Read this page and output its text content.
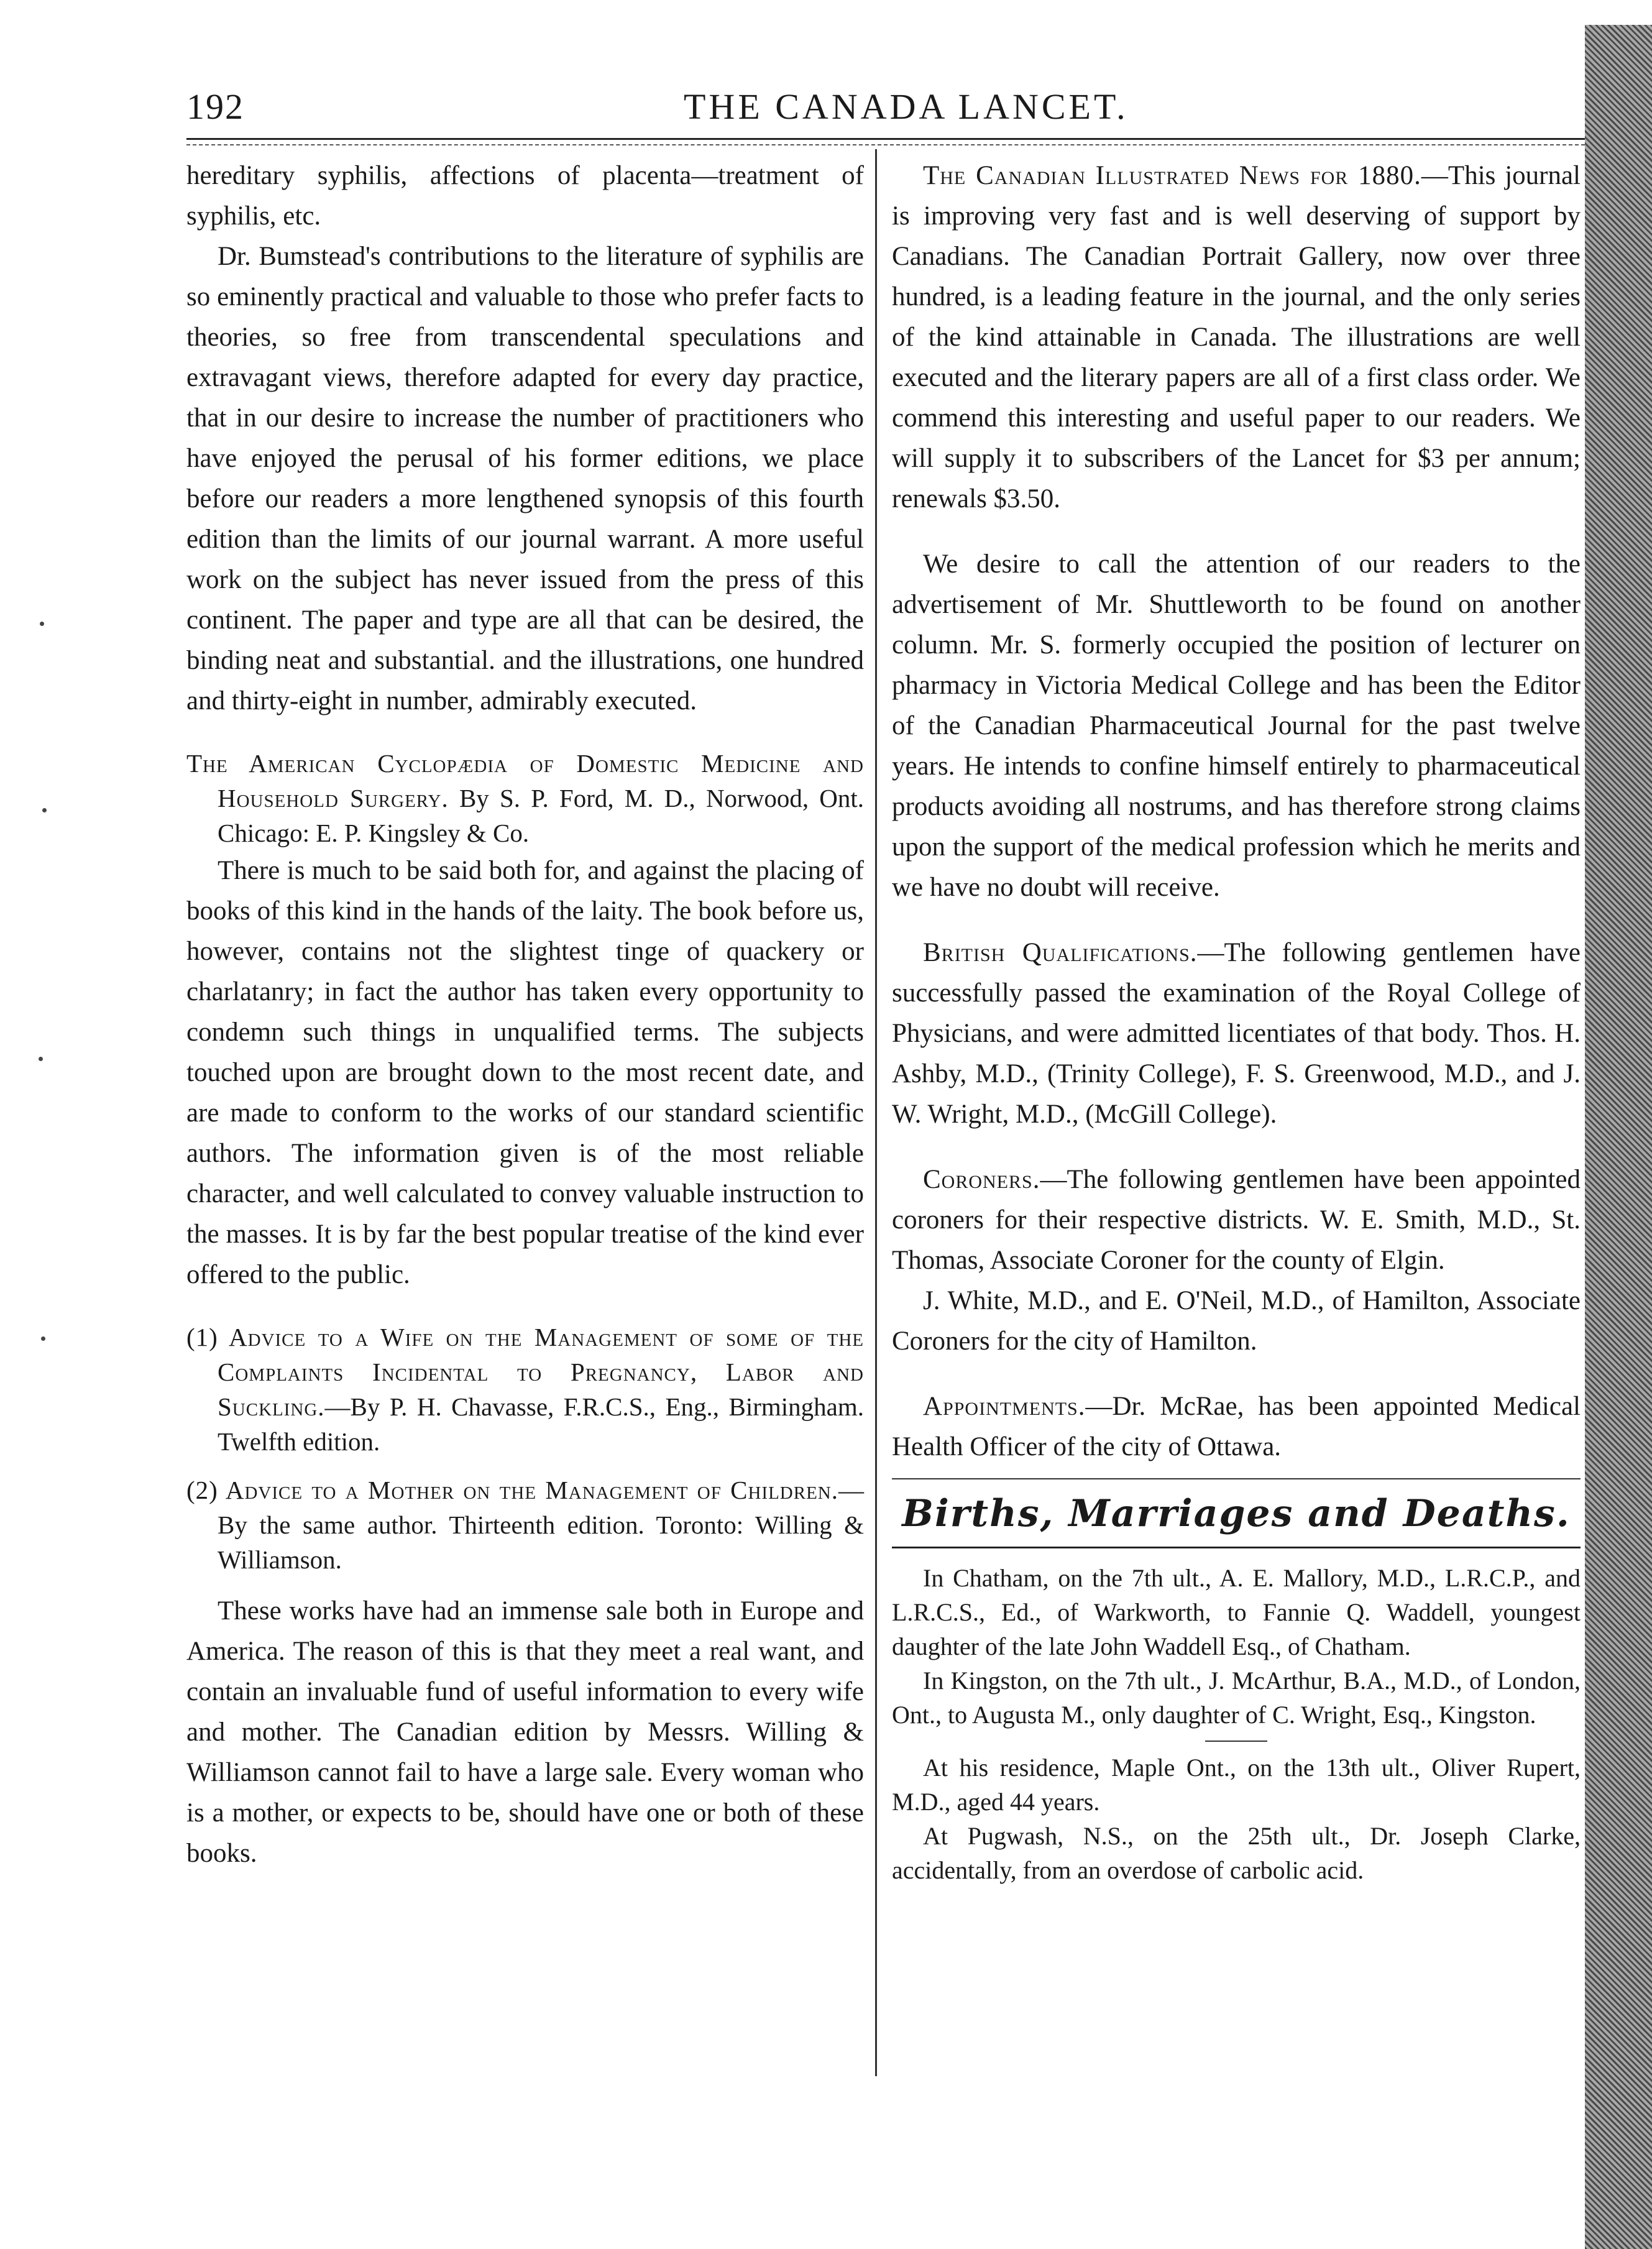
192	THE CANADA LANCET.

hereditary syphilis, affections of placenta—treatment of syphilis, etc.

Dr. Bumstead's contributions to the literature of syphilis are so eminently practical and valuable to those who prefer facts to theories, so free from transcendental speculations and extravagant views, therefore adapted for every day practice, that in our desire to increase the number of practitioners who have enjoyed the perusal of his former editions, we place before our readers a more lengthened synopsis of this fourth edition than the limits of our journal warrant. A more useful work on the subject has never issued from the press of this continent. The paper and type are all that can be desired, the binding neat and substantial. and the illustrations, one hundred and thirty-eight in number, admirably executed.

The American Cyclopædia of Domestic Medicine and Household Surgery. By S. P. Ford, M. D., Norwood, Ont. Chicago: E. P. Kingsley & Co.

There is much to be said both for, and against the placing of books of this kind in the hands of the laity. The book before us, however, contains not the slightest tinge of quackery or charlatanry; in fact the author has taken every opportunity to condemn such things in unqualified terms. The subjects touched upon are brought down to the most recent date, and are made to conform to the works of our standard scientific authors. The information given is of the most reliable character, and well calculated to convey valuable instruction to the masses. It is by far the best popular treatise of the kind ever offered to the public.

(1) Advice to a Wife on the Management of some of the Complaints Incidental to Pregnancy, Labor and Suckling.—By P. H. Chavasse, F.R.C.S., Eng., Birmingham. Twelfth edition.

(2) Advice to a Mother on the Management of Children.—By the same author. Thirteenth edition. Toronto: Willing & Williamson.

These works have had an immense sale both in Europe and America. The reason of this is that they meet a real want, and contain an invaluable fund of useful information to every wife and mother. The Canadian edition by Messrs. Willing & Williamson cannot fail to have a large sale. Every woman who is a mother, or expects to be, should have one or both of these books.

The Canadian Illustrated News for 1880.—This journal is improving very fast and is well deserving of support by Canadians. The Canadian Portrait Gallery, now over three hundred, is a leading feature in the journal, and the only series of the kind attainable in Canada. The illustrations are well executed and the literary papers are all of a first class order. We commend this interesting and useful paper to our readers. We will supply it to subscribers of the Lancet for $3 per annum; renewals $3.50.

We desire to call the attention of our readers to the advertisement of Mr. Shuttleworth to be found on another column. Mr. S. formerly occupied the position of lecturer on pharmacy in Victoria Medical College and has been the Editor of the Canadian Pharmaceutical Journal for the past twelve years. He intends to confine himself entirely to pharmaceutical products avoiding all nostrums, and has therefore strong claims upon the support of the medical profession which he merits and we have no doubt will receive.

British Qualifications.—The following gentlemen have successfully passed the examination of the Royal College of Physicians, and were admitted licentiates of that body. Thos. H. Ashby, M.D., (Trinity College), F. S. Greenwood, M.D., and J. W. Wright, M.D., (McGill College).

Coroners.—The following gentlemen have been appointed coroners for their respective districts. W. E. Smith, M.D., St. Thomas, Associate Coroner for the county of Elgin.

J. White, M.D., and E. O'Neil, M.D., of Hamilton, Associate Coroners for the city of Hamilton.

Appointments.—Dr. McRae, has been appointed Medical Health Officer of the city of Ottawa.

Births, Marriages and Deaths.

In Chatham, on the 7th ult., A. E. Mallory, M.D., L.R.C.P., and L.R.C.S., Ed., of Warkworth, to Fannie Q. Waddell, youngest daughter of the late John Waddell Esq., of Chatham.

In Kingston, on the 7th ult., J. McArthur, B.A., M.D., of London, Ont., to Augusta M., only daughter of C. Wright, Esq., Kingston.

At his residence, Maple Ont., on the 13th ult., Oliver Rupert, M.D., aged 44 years.

At Pugwash, N.S., on the 25th ult., Dr. Joseph Clarke, accidentally, from an overdose of carbolic acid.
